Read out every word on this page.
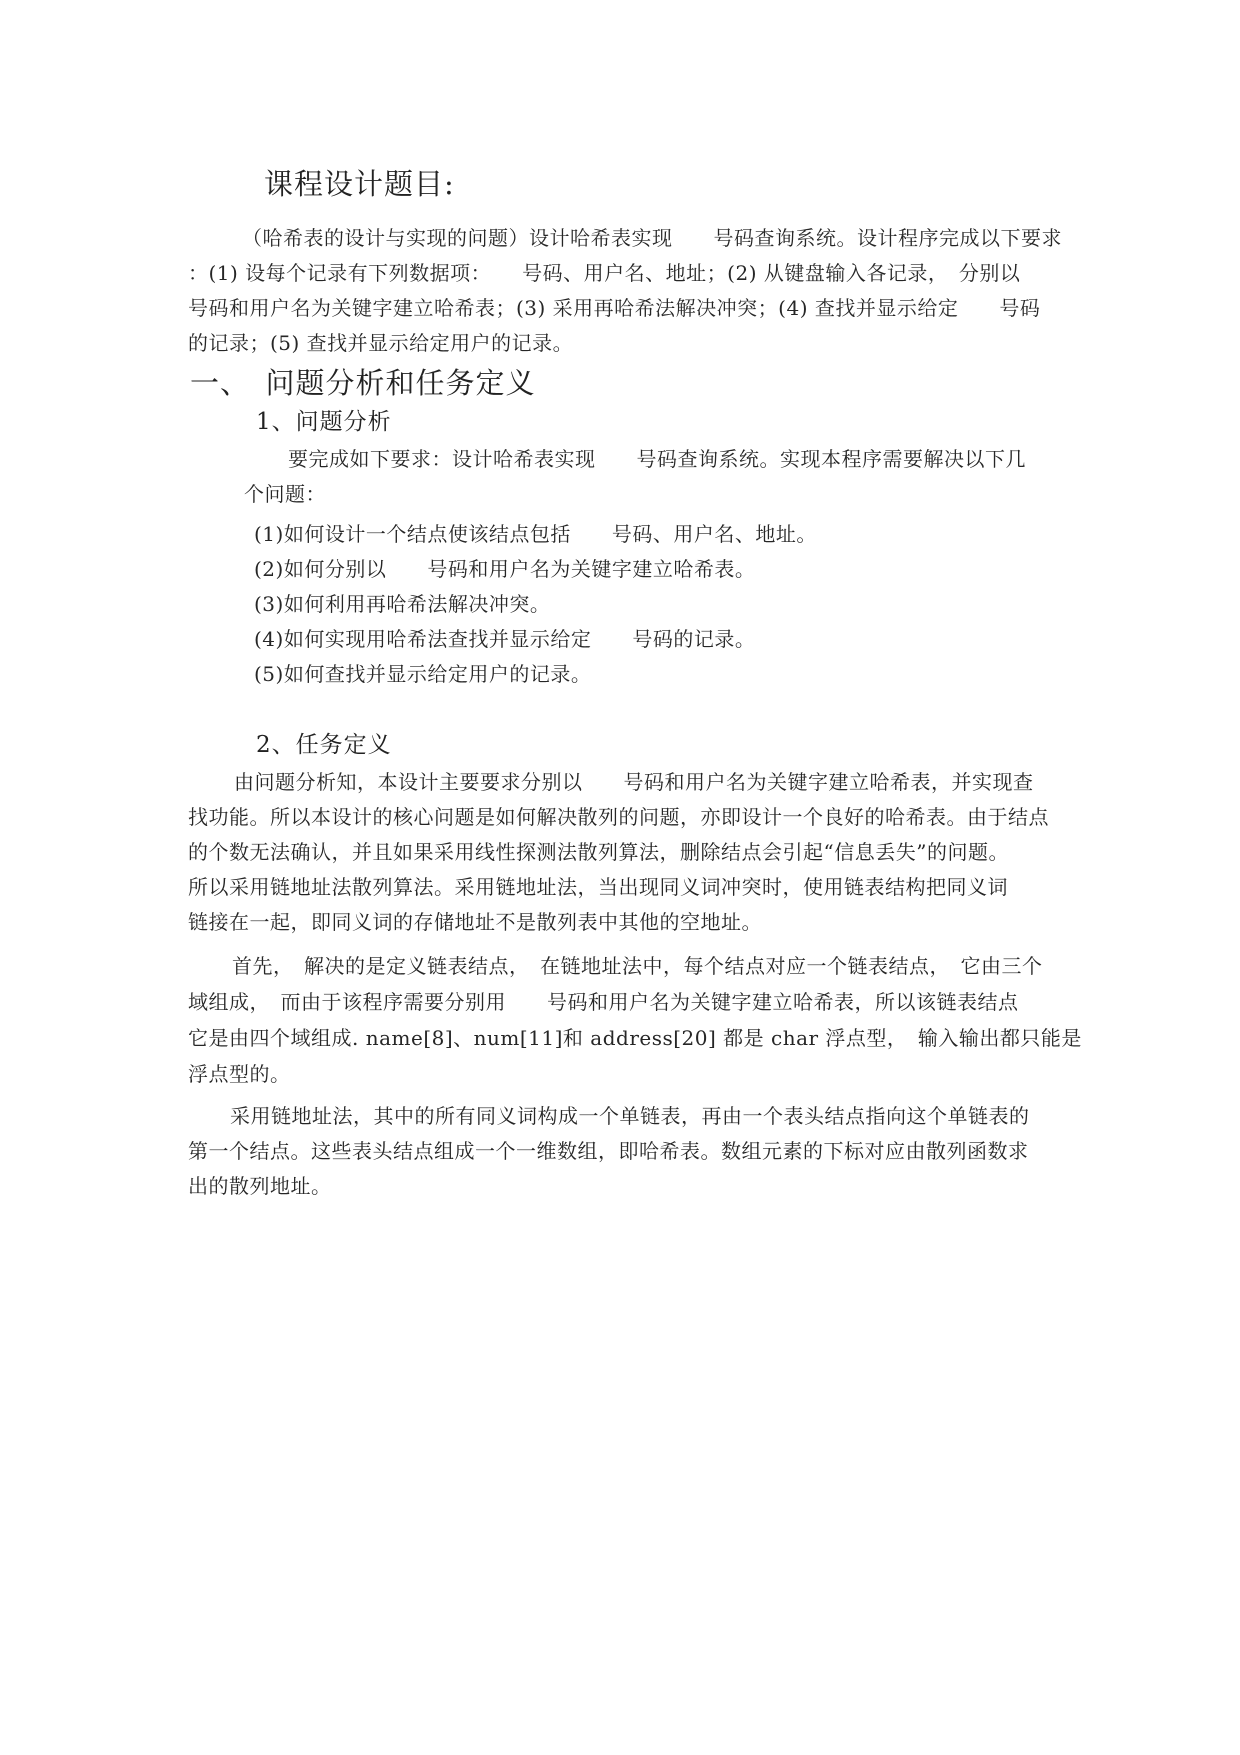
课程设计题目:
（哈希表的设计与实现的问题）设计哈希表实现　　号码查询系统。设计程序完成以下要求
：(1) 设每个记录有下列数据项：　　号码、用户名、地址；(2) 从键盘输入各记录，　分别以
号码和用户名为关键字建立哈希表；(3) 采用再哈希法解决冲突；(4) 查找并显示给定　　号码
的记录；(5) 查找并显示给定用户的记录。
一、　问题分析和任务定义
1、问题分析
要完成如下要求：设计哈希表实现　　号码查询系统。实现本程序需要解决以下几
个问题：
(1)如何设计一个结点使该结点包括　　号码、用户名、地址。
(2)如何分别以　　号码和用户名为关键字建立哈希表。
(3)如何利用再哈希法解决冲突。
(4)如何实现用哈希法查找并显示给定　　号码的记录。
(5)如何查找并显示给定用户的记录。
2、任务定义
由问题分析知，本设计主要要求分别以　　号码和用户名为关键字建立哈希表，并实现查
找功能。所以本设计的核心问题是如何解决散列的问题，亦即设计一个良好的哈希表。由于结点
的个数无法确认，并且如果采用线性探测法散列算法，删除结点会引起“信息丢失”的问题。
所以采用链地址法散列算法。采用链地址法，当出现同义词冲突时，使用链表结构把同义词
链接在一起，即同义词的存储地址不是散列表中其他的空地址。
首先，　解决的是定义链表结点，　在链地址法中，每个结点对应一个链表结点，　它由三个
域组成，　而由于该程序需要分别用　　号码和用户名为关键字建立哈希表，所以该链表结点
它是由四个域组成. name[8]、num[11]和 address[20] 都是 char 浮点型，　输入输出都只能是
浮点型的。
采用链地址法，其中的所有同义词构成一个单链表，再由一个表头结点指向这个单链表的
第一个结点。这些表头结点组成一个一维数组，即哈希表。数组元素的下标对应由散列函数求
出的散列地址。
